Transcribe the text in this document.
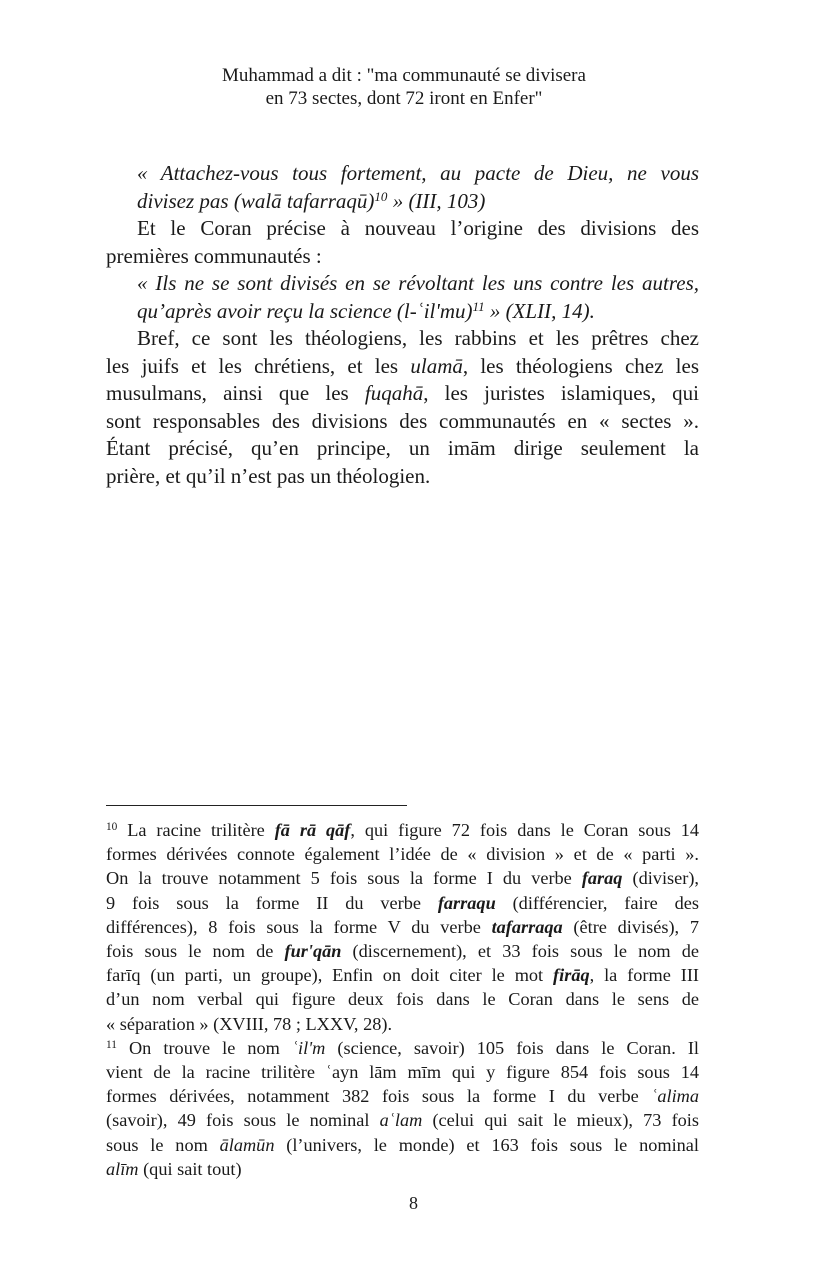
Muhammad a dit : "ma communauté se divisera
en 73 sectes, dont 72 iront en Enfer"

« Attachez-vous tous fortement, au pacte de Dieu, ne vous
divisez pas (walā tafarraqū)$^{10}$ » (III, 103)

Et le Coran précise à nouveau l’origine des divisions des
premières communautés :

« Ils ne se sont divisés en se révoltant les uns contre les autres,
qu’après avoir reçu la science (l-ʿil'mu)$^{11}$ » (XLII, 14).

Bref, ce sont les théologiens, les rabbins et les prêtres chez
les juifs et les chrétiens, et les ulamā, les théologiens chez les
musulmans, ainsi que les fuqahā, les juristes islamiques, qui
sont responsables des divisions des communautés en « sectes ».
Étant précisé, qu’en principe, un imām dirige seulement la
prière, et qu’il n’est pas un théologien.

$^{10}$ La racine trilitère fā rā qāf, qui figure 72 fois dans le Coran sous 14
formes dérivées connote également l’idée de « division » et de « parti ».
On la trouve notamment 5 fois sous la forme I du verbe faraq (diviser),
9 fois sous la forme II du verbe farraqu (différencier, faire des
différences), 8 fois sous la forme V du verbe tafarraqa (être divisés), 7
fois sous le nom de fur'qān (discernement), et 33 fois sous le nom de
farīq (un parti, un groupe), Enfin on doit citer le mot firāq, la forme III
d’un nom verbal qui figure deux fois dans le Coran dans le sens de
« séparation » (XVIII, 78 ; LXXV, 28).

$^{11}$ On trouve le nom ʿil'm (science, savoir) 105 fois dans le Coran. Il
vient de la racine trilitère ʿayn lām mīm qui y figure 854 fois sous 14
formes dérivées, notamment 382 fois sous la forme I du verbe ʿalima
(savoir), 49 fois sous le nominal aʿlam (celui qui sait le mieux), 73 fois
sous le nom ālamūn (l’univers, le monde) et 163 fois sous le nominal
alīm (qui sait tout)

8
